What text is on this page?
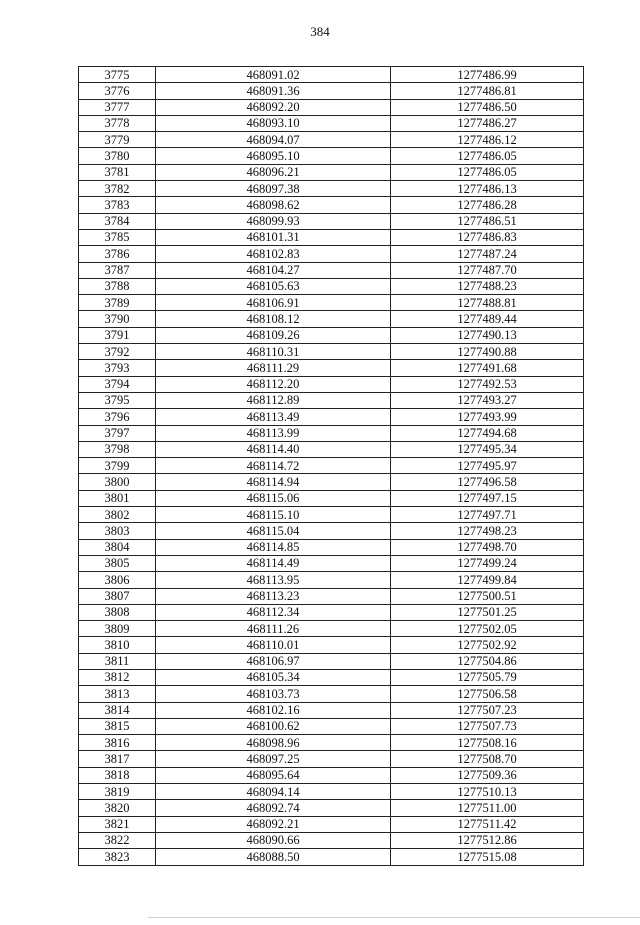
384
3775	468091.02	1277486.99
3776	468091.36	1277486.81
3777	468092.20	1277486.50
3778	468093.10	1277486.27
3779	468094.07	1277486.12
3780	468095.10	1277486.05
3781	468096.21	1277486.05
3782	468097.38	1277486.13
3783	468098.62	1277486.28
3784	468099.93	1277486.51
3785	468101.31	1277486.83
3786	468102.83	1277487.24
3787	468104.27	1277487.70
3788	468105.63	1277488.23
3789	468106.91	1277488.81
3790	468108.12	1277489.44
3791	468109.26	1277490.13
3792	468110.31	1277490.88
3793	468111.29	1277491.68
3794	468112.20	1277492.53
3795	468112.89	1277493.27
3796	468113.49	1277493.99
3797	468113.99	1277494.68
3798	468114.40	1277495.34
3799	468114.72	1277495.97
3800	468114.94	1277496.58
3801	468115.06	1277497.15
3802	468115.10	1277497.71
3803	468115.04	1277498.23
3804	468114.85	1277498.70
3805	468114.49	1277499.24
3806	468113.95	1277499.84
3807	468113.23	1277500.51
3808	468112.34	1277501.25
3809	468111.26	1277502.05
3810	468110.01	1277502.92
3811	468106.97	1277504.86
3812	468105.34	1277505.79
3813	468103.73	1277506.58
3814	468102.16	1277507.23
3815	468100.62	1277507.73
3816	468098.96	1277508.16
3817	468097.25	1277508.70
3818	468095.64	1277509.36
3819	468094.14	1277510.13
3820	468092.74	1277511.00
3821	468092.21	1277511.42
3822	468090.66	1277512.86
3823	468088.50	1277515.08
